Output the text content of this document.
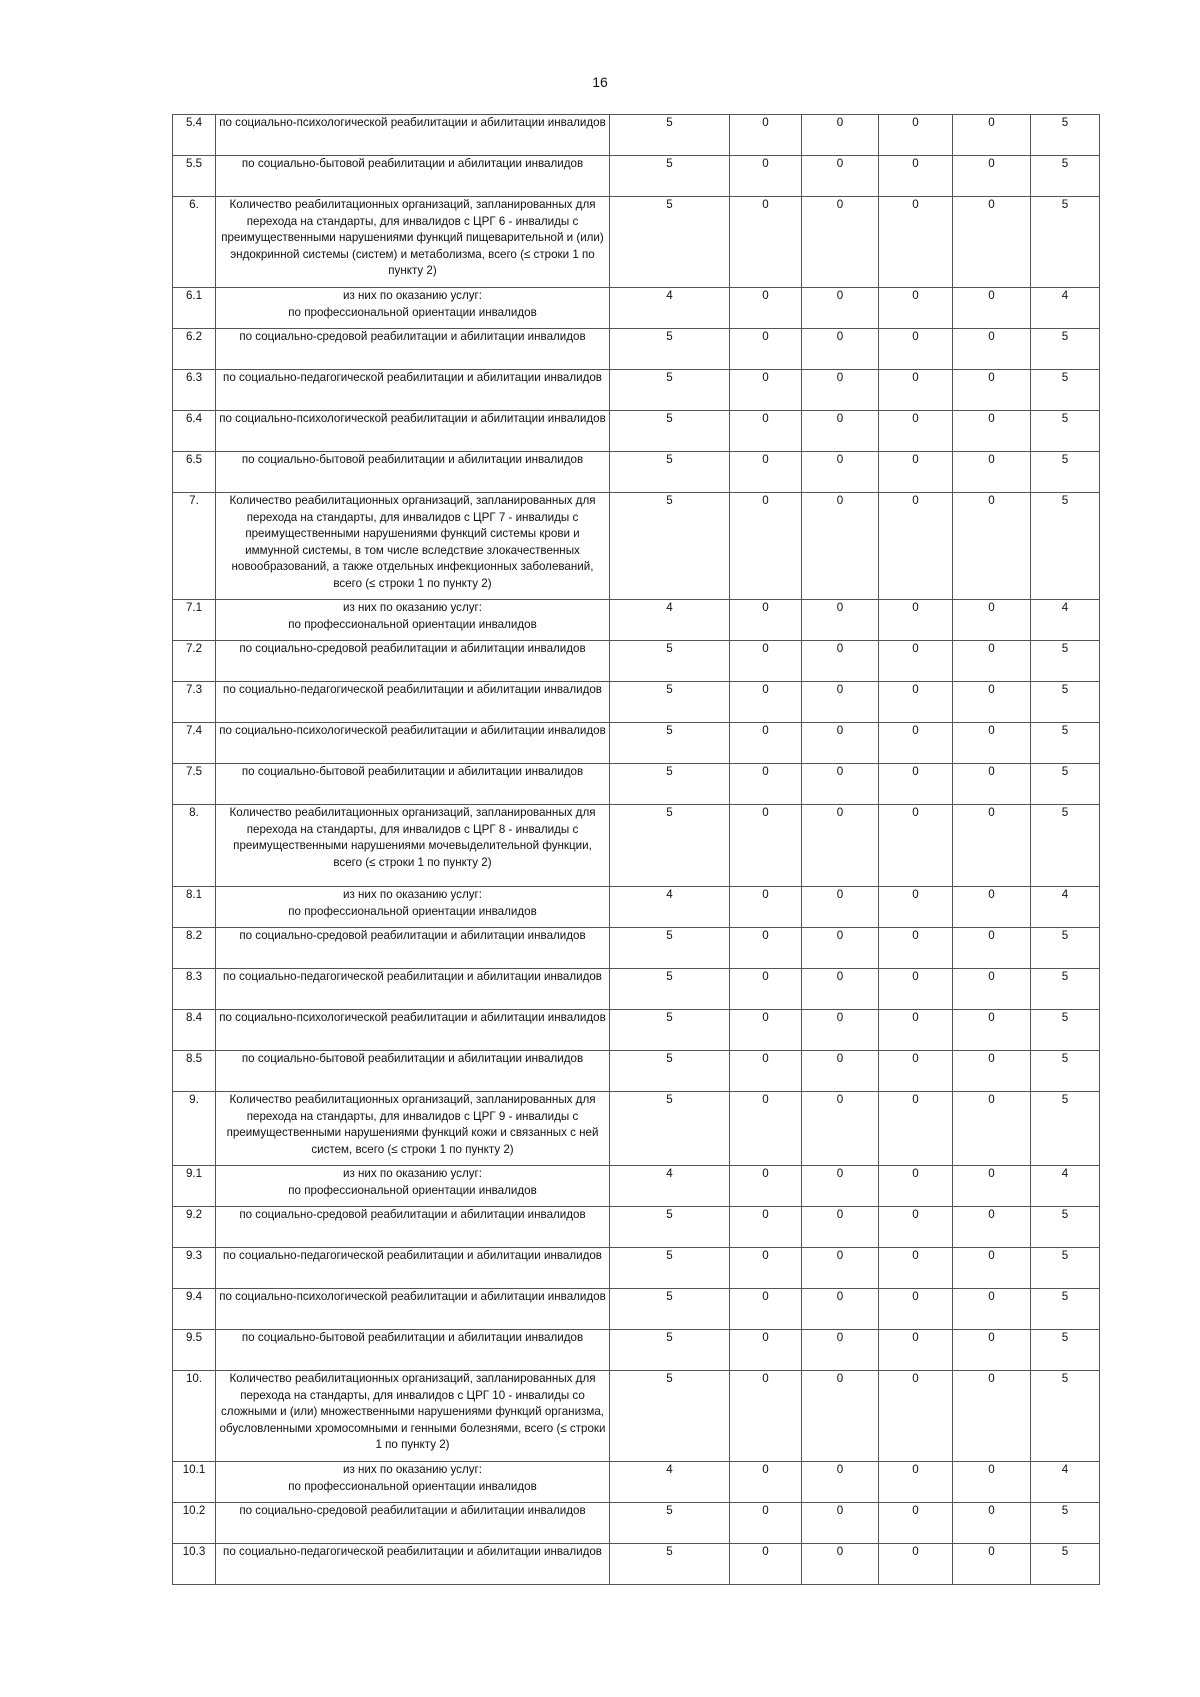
16
5.4	по социально-психологической реабилитации и абилитации инвалидов	5	0	0	0	0	5
5.5	по социально-бытовой реабилитации и абилитации инвалидов	5	0	0	0	0	5
6.	Количество реабилитационных организаций, запланированных для перехода на стандарты, для инвалидов с ЦРГ 6 - инвалиды с преимущественными нарушениями функций пищеварительной и (или) эндокринной системы (систем) и метаболизма, всего (≤ строки 1 по пункту 2)	5	0	0	0	0	5
6.1	из них по оказанию услуг:
по профессиональной ориентации инвалидов	4	0	0	0	0	4
6.2	по социально-средовой реабилитации и абилитации инвалидов	5	0	0	0	0	5
6.3	по социально-педагогической реабилитации и абилитации инвалидов	5	0	0	0	0	5
6.4	по социально-психологической реабилитации и абилитации инвалидов	5	0	0	0	0	5
6.5	по социально-бытовой реабилитации и абилитации инвалидов	5	0	0	0	0	5
7.	Количество реабилитационных организаций, запланированных для перехода на стандарты, для инвалидов с ЦРГ 7 - инвалиды с преимущественными нарушениями функций системы крови и иммунной системы, в том числе вследствие злокачественных новообразований, а также отдельных инфекционных заболеваний, всего (≤ строки 1 по пункту 2)	5	0	0	0	0	5
7.1	из них по оказанию услуг:
по профессиональной ориентации инвалидов	4	0	0	0	0	4
7.2	по социально-средовой реабилитации и абилитации инвалидов	5	0	0	0	0	5
7.3	по социально-педагогической реабилитации и абилитации инвалидов	5	0	0	0	0	5
7.4	по социально-психологической реабилитации и абилитации инвалидов	5	0	0	0	0	5
7.5	по социально-бытовой реабилитации и абилитации инвалидов	5	0	0	0	0	5
8.	Количество реабилитационных организаций, запланированных для перехода на стандарты, для инвалидов с ЦРГ 8 - инвалиды с преимущественными нарушениями мочевыделительной функции, всего (≤ строки 1 по пункту 2)	5	0	0	0	0	5
8.1	из них по оказанию услуг:
по профессиональной ориентации инвалидов	4	0	0	0	0	4
8.2	по социально-средовой реабилитации и абилитации инвалидов	5	0	0	0	0	5
8.3	по социально-педагогической реабилитации и абилитации инвалидов	5	0	0	0	0	5
8.4	по социально-психологической реабилитации и абилитации инвалидов	5	0	0	0	0	5
8.5	по социально-бытовой реабилитации и абилитации инвалидов	5	0	0	0	0	5
9.	Количество реабилитационных организаций, запланированных для перехода на стандарты, для инвалидов с ЦРГ 9 - инвалиды с преимущественными нарушениями функций кожи и связанных с ней систем, всего (≤ строки 1 по пункту 2)	5	0	0	0	0	5
9.1	из них по оказанию услуг:
по профессиональной ориентации инвалидов	4	0	0	0	0	4
9.2	по социально-средовой реабилитации и абилитации инвалидов	5	0	0	0	0	5
9.3	по социально-педагогической реабилитации и абилитации инвалидов	5	0	0	0	0	5
9.4	по социально-психологической реабилитации и абилитации инвалидов	5	0	0	0	0	5
9.5	по социально-бытовой реабилитации и абилитации инвалидов	5	0	0	0	0	5
10.	Количество реабилитационных организаций, запланированных для перехода на стандарты, для инвалидов с ЦРГ 10 - инвалиды со сложными и (или) множественными нарушениями функций организма, обусловленными хромосомными и генными болезнями, всего (≤ строки 1 по пункту 2)	5	0	0	0	0	5
10.1	из них по оказанию услуг:
по профессиональной ориентации инвалидов	4	0	0	0	0	4
10.2	по социально-средовой реабилитации и абилитации инвалидов	5	0	0	0	0	5
10.3	по социально-педагогической реабилитации и абилитации инвалидов	5	0	0	0	0	5
